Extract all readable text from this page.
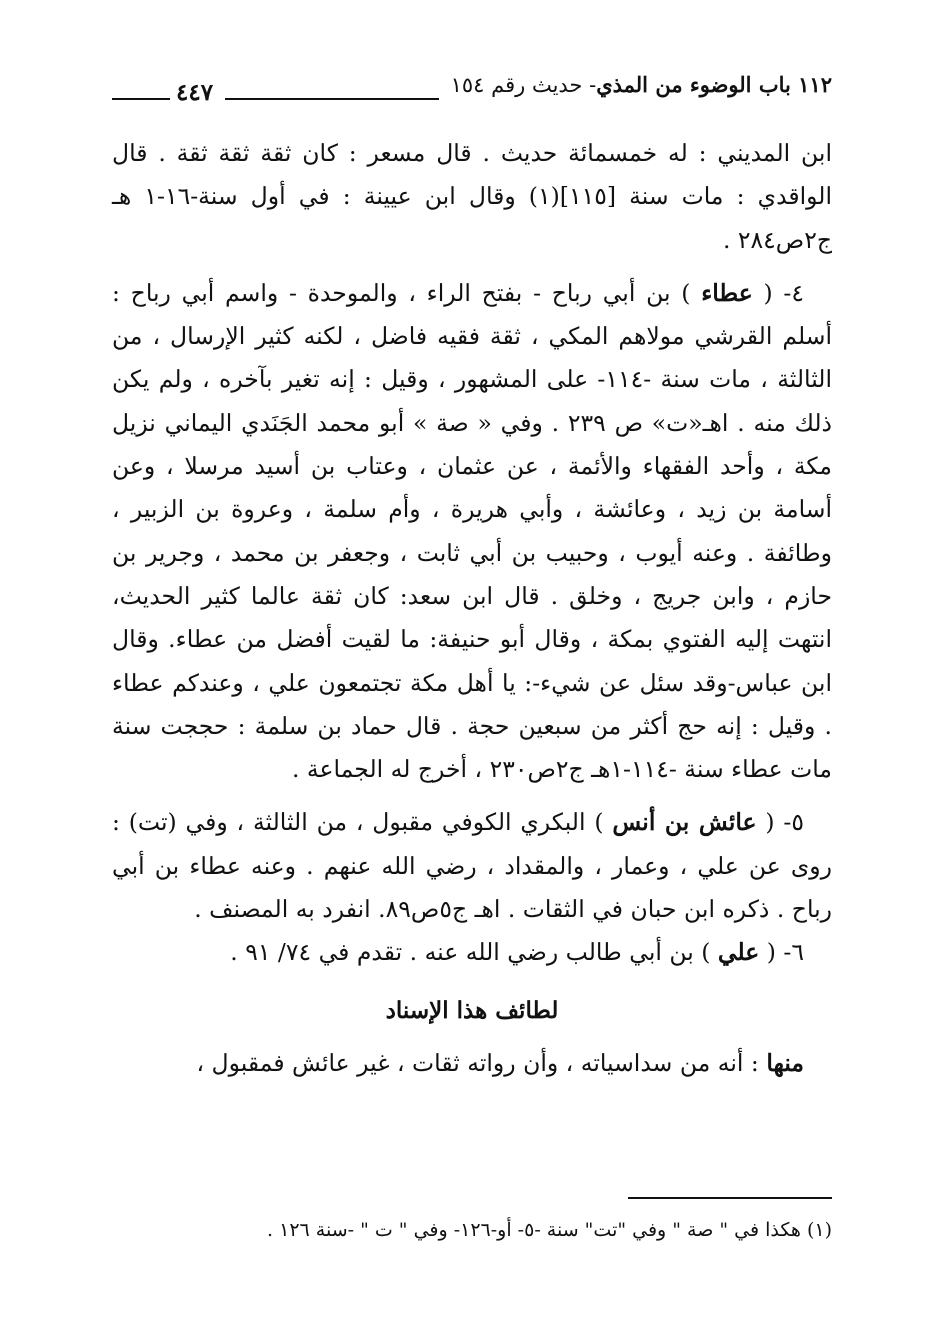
١١٢ باب الوضوء من المذي- حديث رقم ١٥٤
٤٤٧

ابن المديني : له خمسمائة حديث . قال مسعر : كان ثقة ثقة ثقة . قال الواقدي : مات سنة [١١٥](١) وقال ابن عيينة : في أول سنة-١٦-١ هـ ج٢ص٢٨٤ .

٤- ( عطاء ) بن أبي رباح - بفتح الراء ، والموحدة - واسم أبي رباح : أسلم القرشي مولاهم المكي ، ثقة فقيه فاضل ، لكنه كثير الإرسال ، من الثالثة ، مات سنة -١١٤- على المشهور ، وقيل : إنه تغير بآخره ، ولم يكن ذلك منه . اهـ«ت» ص ٢٣٩ . وفي « صة » أبو محمد الجَنَدي اليماني نزيل مكة ، وأحد الفقهاء والأئمة ، عن عثمان ، وعتاب بن أسيد مرسلا ، وعن أسامة بن زيد ، وعائشة ، وأبي هريرة ، وأم سلمة ، وعروة بن الزبير ، وطائفة . وعنه أيوب ، وحبيب بن أبي ثابت ، وجعفر بن محمد ، وجرير بن حازم ، وابن جريج ، وخلق . قال ابن سعد: كان ثقة عالما كثير الحديث، انتهت إليه الفتوي بمكة ، وقال أبو حنيفة: ما لقيت أفضل من عطاء. وقال ابن عباس-وقد سئل عن شيء-: يا أهل مكة تجتمعون علي ، وعندكم عطاء . وقيل : إنه حج أكثر من سبعين حجة . قال حماد بن سلمة : حججت سنة مات عطاء سنة -١١٤-١هـ ج٢ص٢٣٠ ، أخرج له الجماعة .

٥- ( عائش بن أنس ) البكري الكوفي مقبول ، من الثالثة ، وفي (تت) : روى عن علي ، وعمار ، والمقداد ، رضي الله عنهم . وعنه عطاء بن أبي رباح . ذكره ابن حبان في الثقات . اهـ ج٥ص٨٩. انفرد به المصنف .

٦- ( علي ) بن أبي طالب رضي الله عنه . تقدم في ٧٤/ ٩١ .

لطائف هذا الإسناد

منها : أنه من سداسياته ، وأن رواته ثقات ، غير عائش فمقبول ،

(١) هكذا في " صة " وفي "تت" سنة -٥- أو-١٢٦- وفي " ت " -سنة ١٢٦ .
